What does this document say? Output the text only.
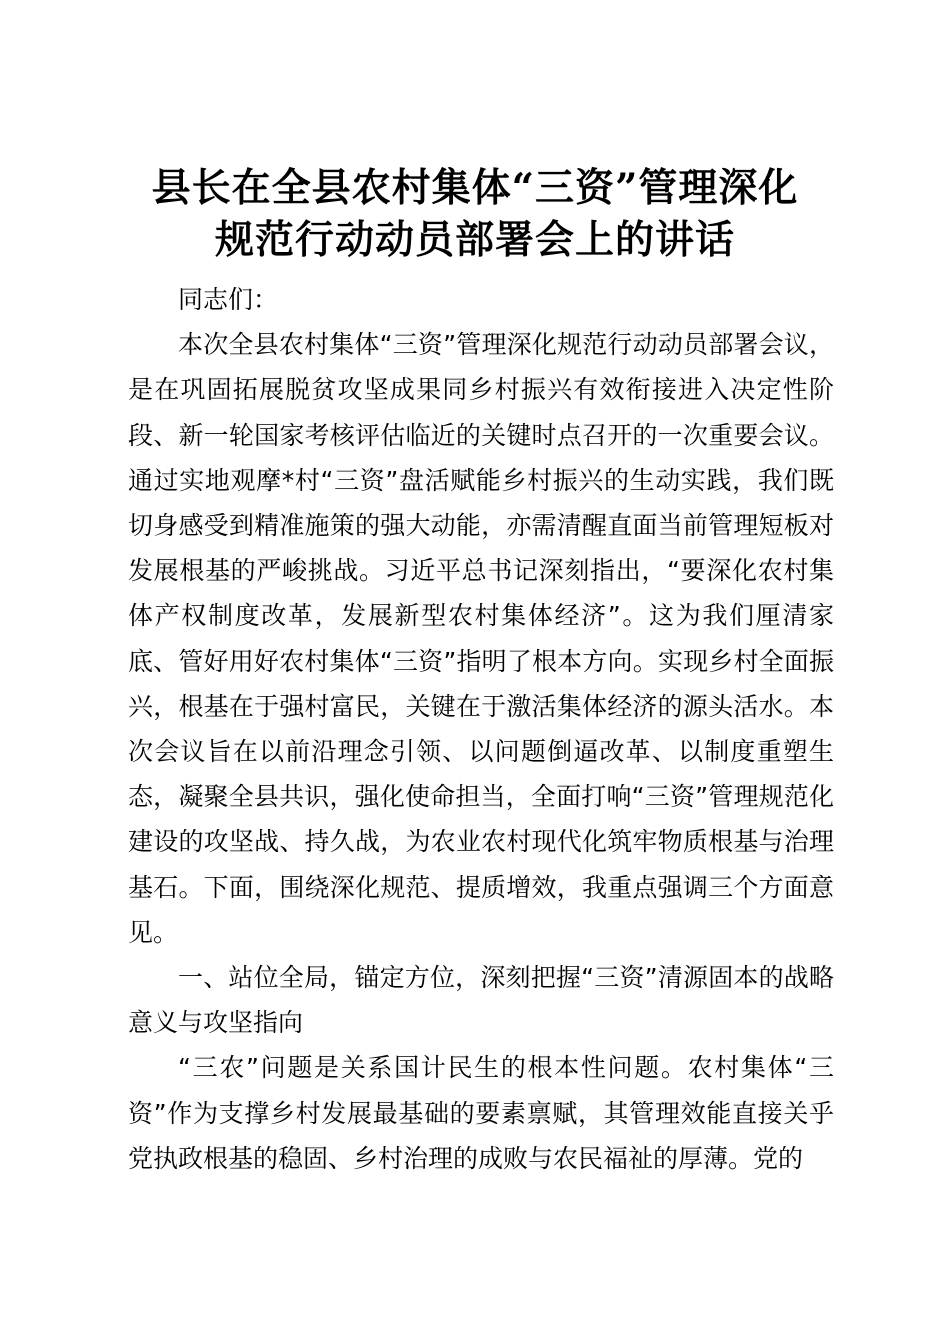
县长在全县农村集体“三资”管理深化
规范行动动员部署会上的讲话

同志们：

本次全县农村集体“三资”管理深化规范行动动员部署会议，是在巩固拓展脱贫攻坚成果同乡村振兴有效衔接进入决定性阶段、新一轮国家考核评估临近的关键时点召开的一次重要会议。通过实地观摩*村“三资”盘活赋能乡村振兴的生动实践，我们既切身感受到精准施策的强大动能，亦需清醒直面当前管理短板对发展根基的严峻挑战。习近平总书记深刻指出，“要深化农村集体产权制度改革，发展新型农村集体经济”。这为我们厘清家底、管好用好农村集体“三资”指明了根本方向。实现乡村全面振兴，根基在于强村富民，关键在于激活集体经济的源头活水。本次会议旨在以前沿理念引领、以问题倒逼改革、以制度重塑生态，凝聚全县共识，强化使命担当，全面打响“三资”管理规范化建设的攻坚战、持久战，为农业农村现代化筑牢物质根基与治理基石。下面，围绕深化规范、提质增效，我重点强调三个方面意见。

一、站位全局，锚定方位，深刻把握“三资”清源固本的战略意义与攻坚指向

“三农”问题是关系国计民生的根本性问题。农村集体“三资”作为支撑乡村发展最基础的要素禀赋，其管理效能直接关乎党执政根基的稳固、乡村治理的成败与农民福祉的厚薄。党的
